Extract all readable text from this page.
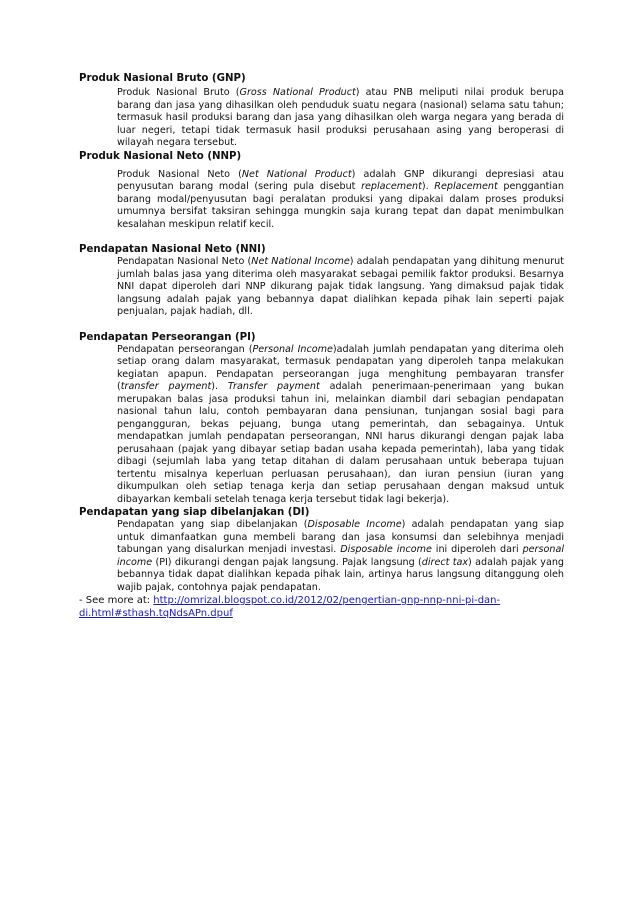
Produk Nasional Bruto (GNP)

Produk Nasional Bruto (Gross National Product) atau PNB meliputi nilai produk berupa barang dan jasa yang dihasilkan oleh penduduk suatu negara (nasional) selama satu tahun; termasuk hasil produksi barang dan jasa yang dihasilkan oleh warga negara yang berada di luar negeri, tetapi tidak termasuk hasil produksi perusahaan asing yang beroperasi di wilayah negara tersebut.

Produk Nasional Neto (NNP)

Produk Nasional Neto (Net National Product) adalah GNP dikurangi depresiasi atau penyusutan barang modal (sering pula disebut replacement). Replacement penggantian barang modal/penyusutan bagi peralatan produksi yang dipakai dalam proses produksi umumnya bersifat taksiran sehingga mungkin saja kurang tepat dan dapat menimbulkan kesalahan meskipun relatif kecil.

Pendapatan Nasional Neto (NNI)

Pendapatan Nasional Neto (Net National Income) adalah pendapatan yang dihitung menurut jumlah balas jasa yang diterima oleh masyarakat sebagai pemilik faktor produksi. Besarnya NNI dapat diperoleh dari NNP dikurang pajak tidak langsung. Yang dimaksud pajak tidak langsung adalah pajak yang bebannya dapat dialihkan kepada pihak lain seperti pajak penjualan, pajak hadiah, dll.

Pendapatan Perseorangan (PI)

Pendapatan perseorangan (Personal Income)adalah jumlah pendapatan yang diterima oleh setiap orang dalam masyarakat, termasuk pendapatan yang diperoleh tanpa melakukan kegiatan apapun. Pendapatan perseorangan juga menghitung pembayaran transfer (transfer payment). Transfer payment adalah penerimaan-penerimaan yang bukan merupakan balas jasa produksi tahun ini, melainkan diambil dari sebagian pendapatan nasional tahun lalu, contoh pembayaran dana pensiunan, tunjangan sosial bagi para pengangguran, bekas pejuang, bunga utang pemerintah, dan sebagainya. Untuk mendapatkan jumlah pendapatan perseorangan, NNI harus dikurangi dengan pajak laba perusahaan (pajak yang dibayar setiap badan usaha kepada pemerintah), laba yang tidak dibagi (sejumlah laba yang tetap ditahan di dalam perusahaan untuk beberapa tujuan tertentu misalnya keperluan perluasan perusahaan), dan iuran pensiun (iuran yang dikumpulkan oleh setiap tenaga kerja dan setiap perusahaan dengan maksud untuk dibayarkan kembali setelah tenaga kerja tersebut tidak lagi bekerja).

Pendapatan yang siap dibelanjakan (DI)

Pendapatan yang siap dibelanjakan (Disposable Income) adalah pendapatan yang siap untuk dimanfaatkan guna membeli barang dan jasa konsumsi dan selebihnya menjadi tabungan yang disalurkan menjadi investasi. Disposable income ini diperoleh dari personal income (PI) dikurangi dengan pajak langsung. Pajak langsung (direct tax) adalah pajak yang bebannya tidak dapat dialihkan kepada pihak lain, artinya harus langsung ditanggung oleh wajib pajak, contohnya pajak pendapatan.

- See more at: http://omrizal.blogspot.co.id/2012/02/pengertian-gnp-nnp-nni-pi-dan-di.html#sthash.tqNdsAPn.dpuf
